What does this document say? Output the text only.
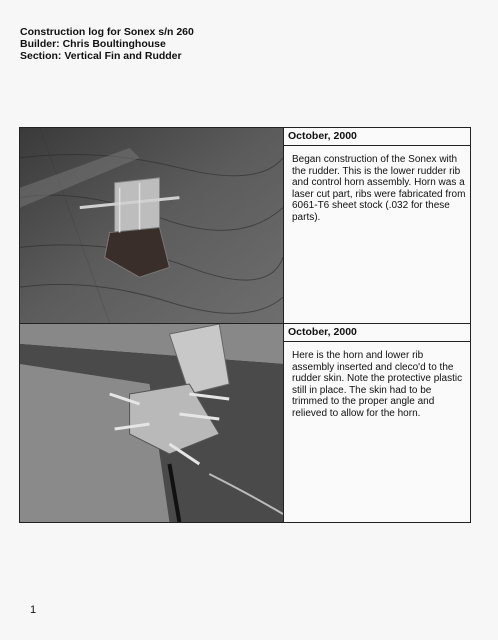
Construction log for Sonex s/n 260
Builder: Chris Boultinghouse
Section: Vertical Fin and Rudder
October, 2000
Began construction of the Sonex with the rudder. This is the lower rudder rib and control horn assembly. Horn was a laser cut part, ribs were fabricated from 6061-T6 sheet stock (.032 for these parts).
October, 2000
Here is the horn and lower rib assembly inserted and cleco'd to the rudder skin. Note the protective plastic still in place. The skin had to be trimmed to the proper angle and relieved to allow for the horn.
1
